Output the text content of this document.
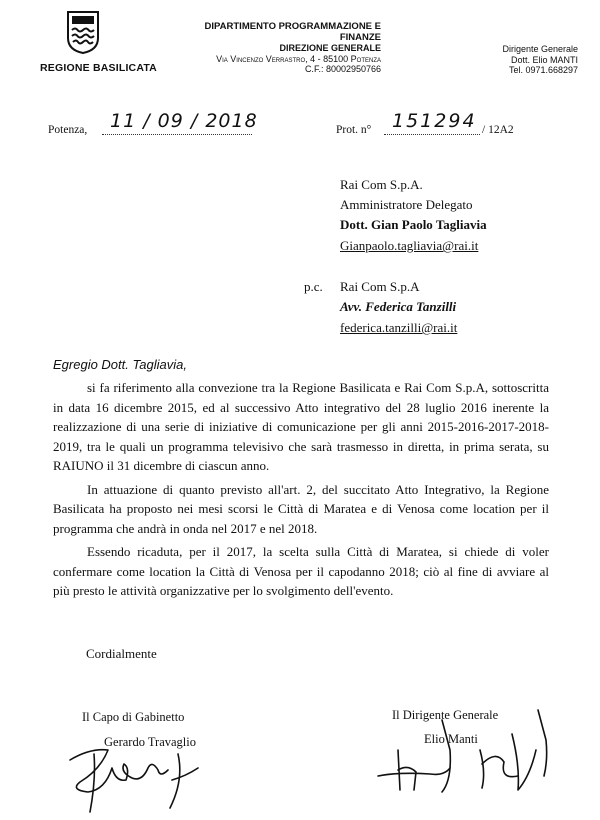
REGIONE BASILICATA
DIPARTIMENTO PROGRAMMAZIONE E FINANZE
DIREZIONE GENERALE
Via Vincenzo Verrastro, 4 - 85100 Potenza
C.F.: 80002950766
Dirigente Generale
Dott. Elio MANTI
Tel. 0971.668297
Potenza, 11 / 09 / 2018	Prot. n° 151294 / 12A2
Rai Com S.p.A.
Amministratore Delegato
Dott. Gian Paolo Tagliavia
Gianpaolo.tagliavia@rai.it
p.c. Rai Com S.p.A
Avv. Federica Tanzilli
federica.tanzilli@rai.it
Egregio Dott. Tagliavia,

si fa riferimento alla convezione tra la Regione Basilicata e Rai Com S.p.A, sottoscritta in data 16 dicembre 2015, ed al successivo Atto integrativo del 28 luglio 2016 inerente la realizzazione di una serie di iniziative di comunicazione per gli anni 2015-2016-2017-2018-2019, tra le quali un programma televisivo che sarà trasmesso in diretta, in prima serata, su RAIUNO il 31 dicembre di ciascun anno.

In attuazione di quanto previsto all'art. 2, del succitato Atto Integrativo, la Regione Basilicata ha proposto nei mesi scorsi le Città di Maratea e di Venosa come location per il programma che andrà in onda nel 2017 e nel 2018.

Essendo ricaduta, per il 2017, la scelta sulla Città di Maratea, si chiede di voler confermare come location la Città di Venosa per il capodanno 2018; ciò al fine di avviare al più presto le attività organizzative per lo svolgimento dell'evento.

Cordialmente
Il Capo di Gabinetto
Gerardo Travaglio
Il Dirigente Generale
Elio Manti
